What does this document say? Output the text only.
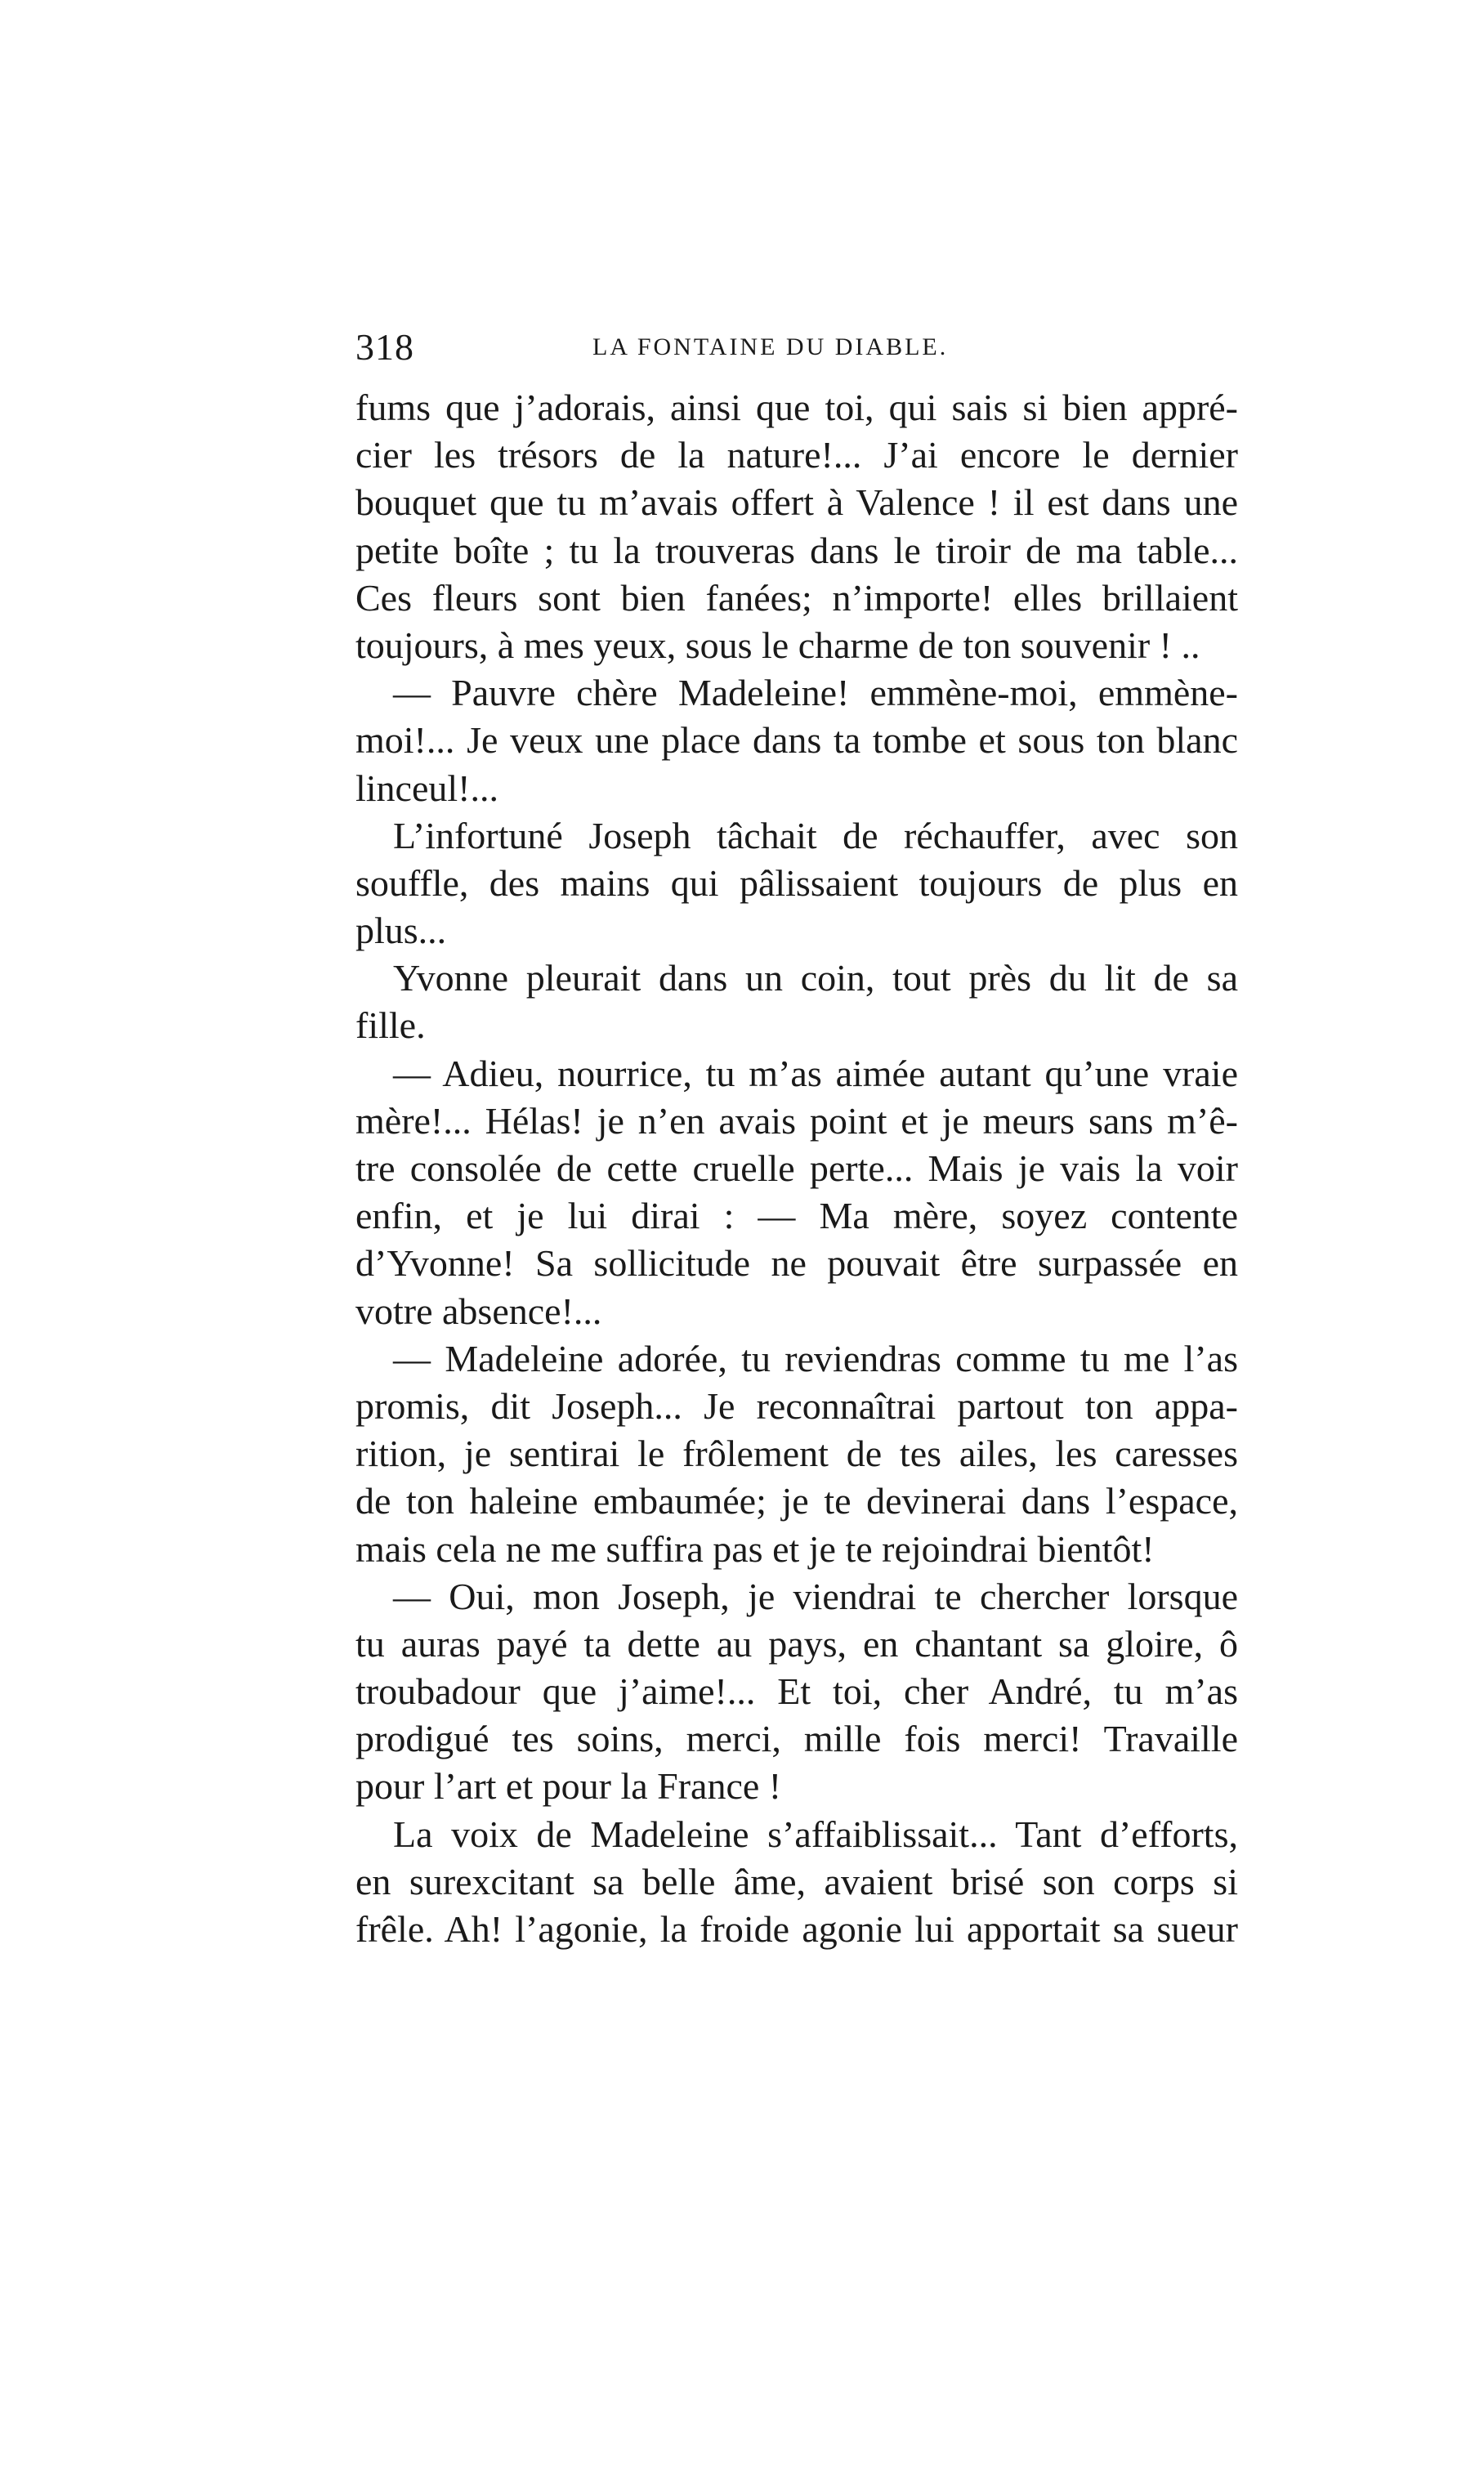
318	LA FONTAINE DU DIABLE.
fums que j’adorais, ainsi que toi, qui sais si bien appré-
cier les trésors de la nature!... J’ai encore le dernier
bouquet que tu m’avais offert à Valence ! il est dans une
petite boîte ; tu la trouveras dans le tiroir de ma table...
Ces fleurs sont bien fanées; n’importe! elles brillaient
toujours, à mes yeux, sous le charme de ton souvenir ! ..
— Pauvre chère Madeleine! emmène-moi, emmène-
moi!... Je veux une place dans ta tombe et sous ton blanc
linceul!...
L’infortuné Joseph tâchait de réchauffer, avec son
souffle, des mains qui pâlissaient toujours de plus en
plus...
Yvonne pleurait dans un coin, tout près du lit de sa
fille.
— Adieu, nourrice, tu m’as aimée autant qu’une vraie
mère!... Hélas! je n’en avais point et je meurs sans m’ê-
tre consolée de cette cruelle perte... Mais je vais la voir
enfin, et je lui dirai : — Ma mère, soyez contente
d’Yvonne! Sa sollicitude ne pouvait être surpassée en
votre absence!...
— Madeleine adorée, tu reviendras comme tu me l’as
promis, dit Joseph... Je reconnaîtrai partout ton appa-
rition, je sentirai le frôlement de tes ailes, les caresses
de ton haleine embaumée; je te devinerai dans l’espace,
mais cela ne me suffira pas et je te rejoindrai bientôt!
— Oui, mon Joseph, je viendrai te chercher lorsque
tu auras payé ta dette au pays, en chantant sa gloire, ô
troubadour que j’aime!... Et toi, cher André, tu m’as
prodigué tes soins, merci, mille fois merci! Travaille
pour l’art et pour la France !
La voix de Madeleine s’affaiblissait... Tant d’efforts,
en surexcitant sa belle âme, avaient brisé son corps si
frêle. Ah! l’agonie, la froide agonie lui apportait sa sueur
